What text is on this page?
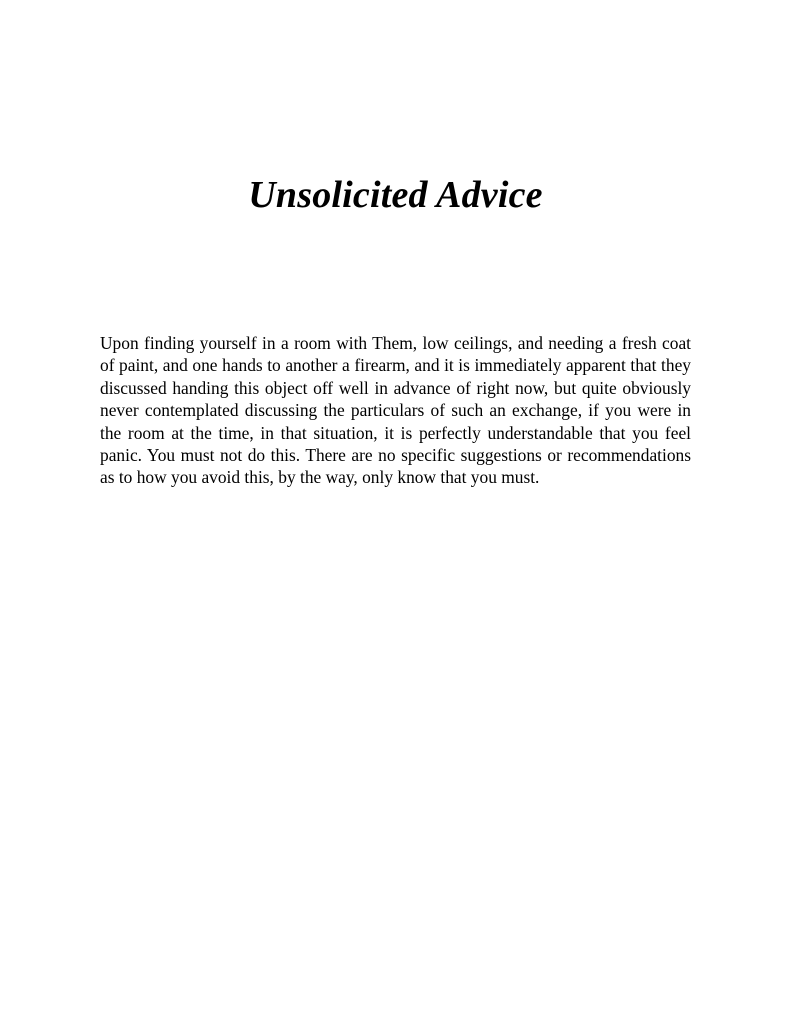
Unsolicited Advice

Upon finding yourself in a room with Them, low ceilings, and needing a fresh coat of paint, and one hands to another a firearm, and it is immediately apparent that they discussed handing this object off well in advance of right now, but quite obviously never contemplated discussing the particulars of such an exchange, if you were in the room at the time, in that situation, it is perfectly understandable that you feel panic. You must not do this. There are no specific suggestions or recommendations as to how you avoid this, by the way, only know that you must.
